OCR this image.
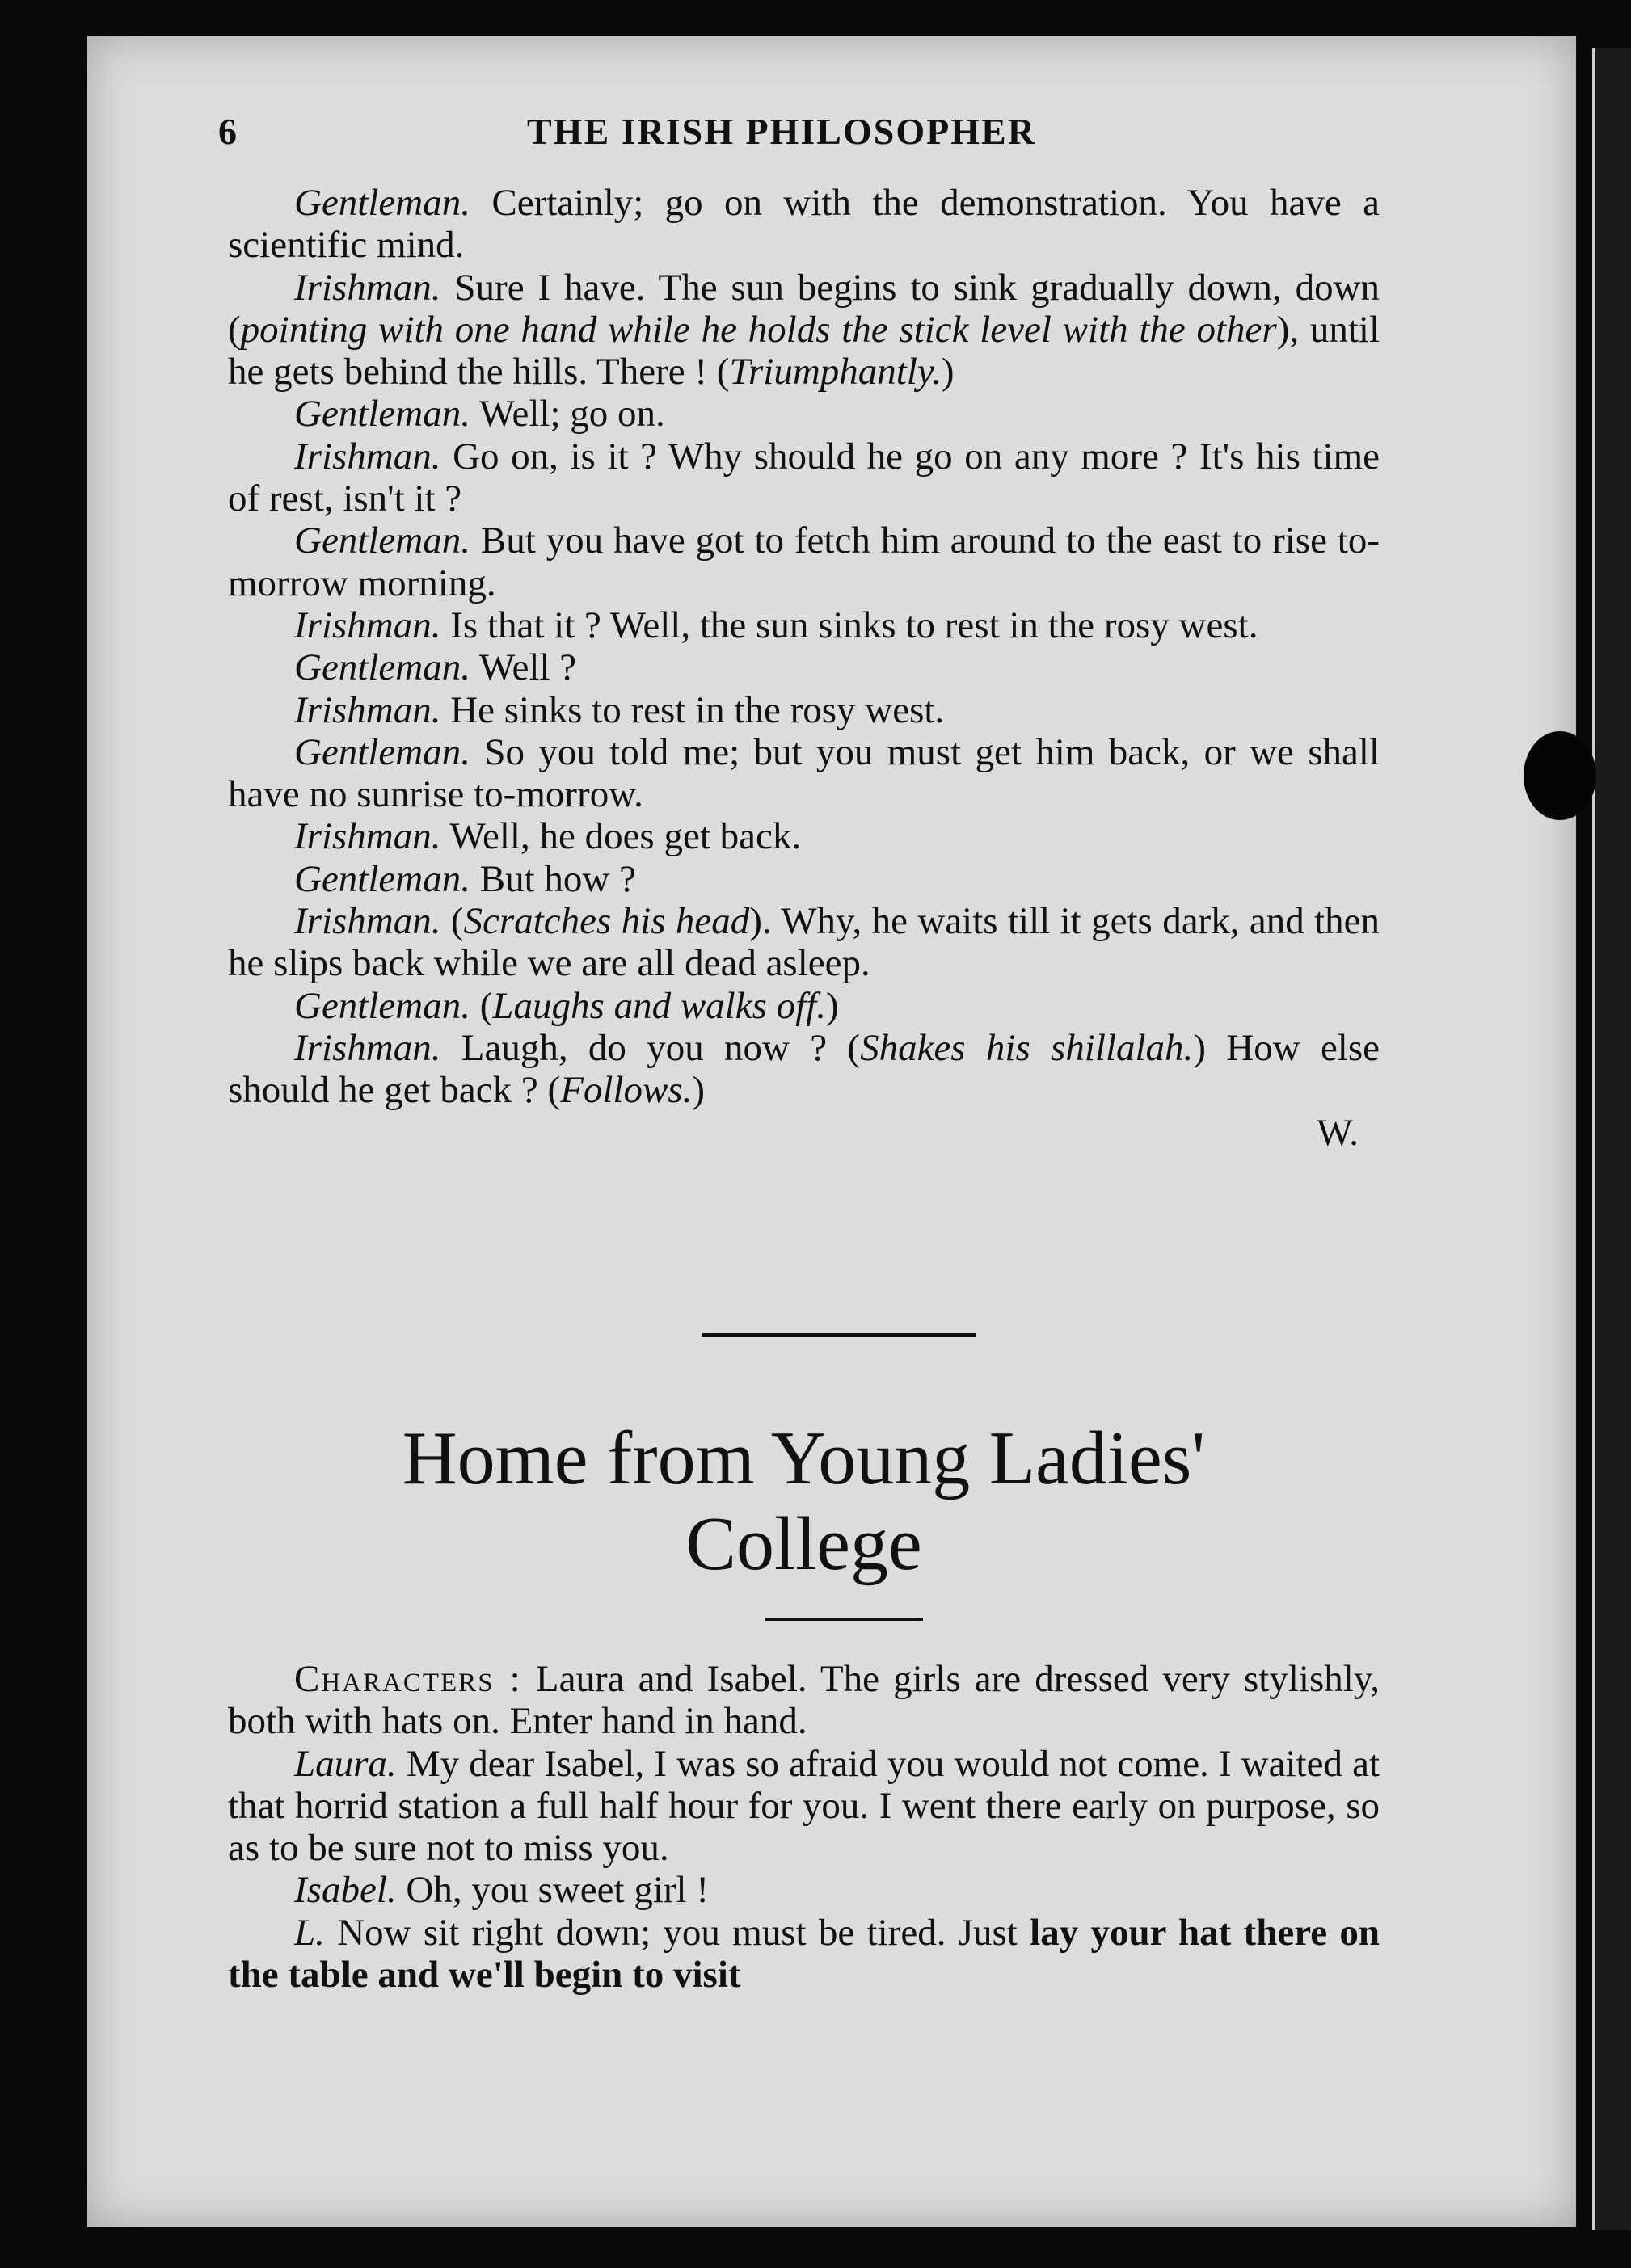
6	THE IRISH PHILOSOPHER

Gentleman. Certainly; go on with the demonstration. You have a scientific mind.

Irishman. Sure I have. The sun begins to sink gradually down, down (pointing with one hand while he holds the stick level with the other), until he gets behind the hills. There ! (Triumphantly.)

Gentleman. Well; go on.

Irishman. Go on, is it ? Why should he go on any more ? It's his time of rest, isn't it ?

Gentleman. But you have got to fetch him around to the east to rise to-morrow morning.

Irishman. Is that it ? Well, the sun sinks to rest in the rosy west.

Gentleman. Well ?

Irishman. He sinks to rest in the rosy west.

Gentleman. So you told me; but you must get him back, or we shall have no sunrise to-morrow.

Irishman. Well, he does get back.

Gentleman. But how ?

Irishman. (Scratches his head). Why, he waits till it gets dark, and then he slips back while we are all dead asleep.

Gentleman. (Laughs and walks off.)

Irishman. Laugh, do you now ? (Shakes his shillalah.) How else should he get back ? (Follows.)

W.

Home from Young Ladies'
College

Characters : Laura and Isabel. The girls are dressed very stylishly, both with hats on. Enter hand in hand.

Laura. My dear Isabel, I was so afraid you would not come. I waited at that horrid station a full half hour for you. I went there early on purpose, so as to be sure not to miss you.

Isabel. Oh, you sweet girl !

L. Now sit right down; you must be tired. Just lay your hat there on the table and we'll begin to visit
